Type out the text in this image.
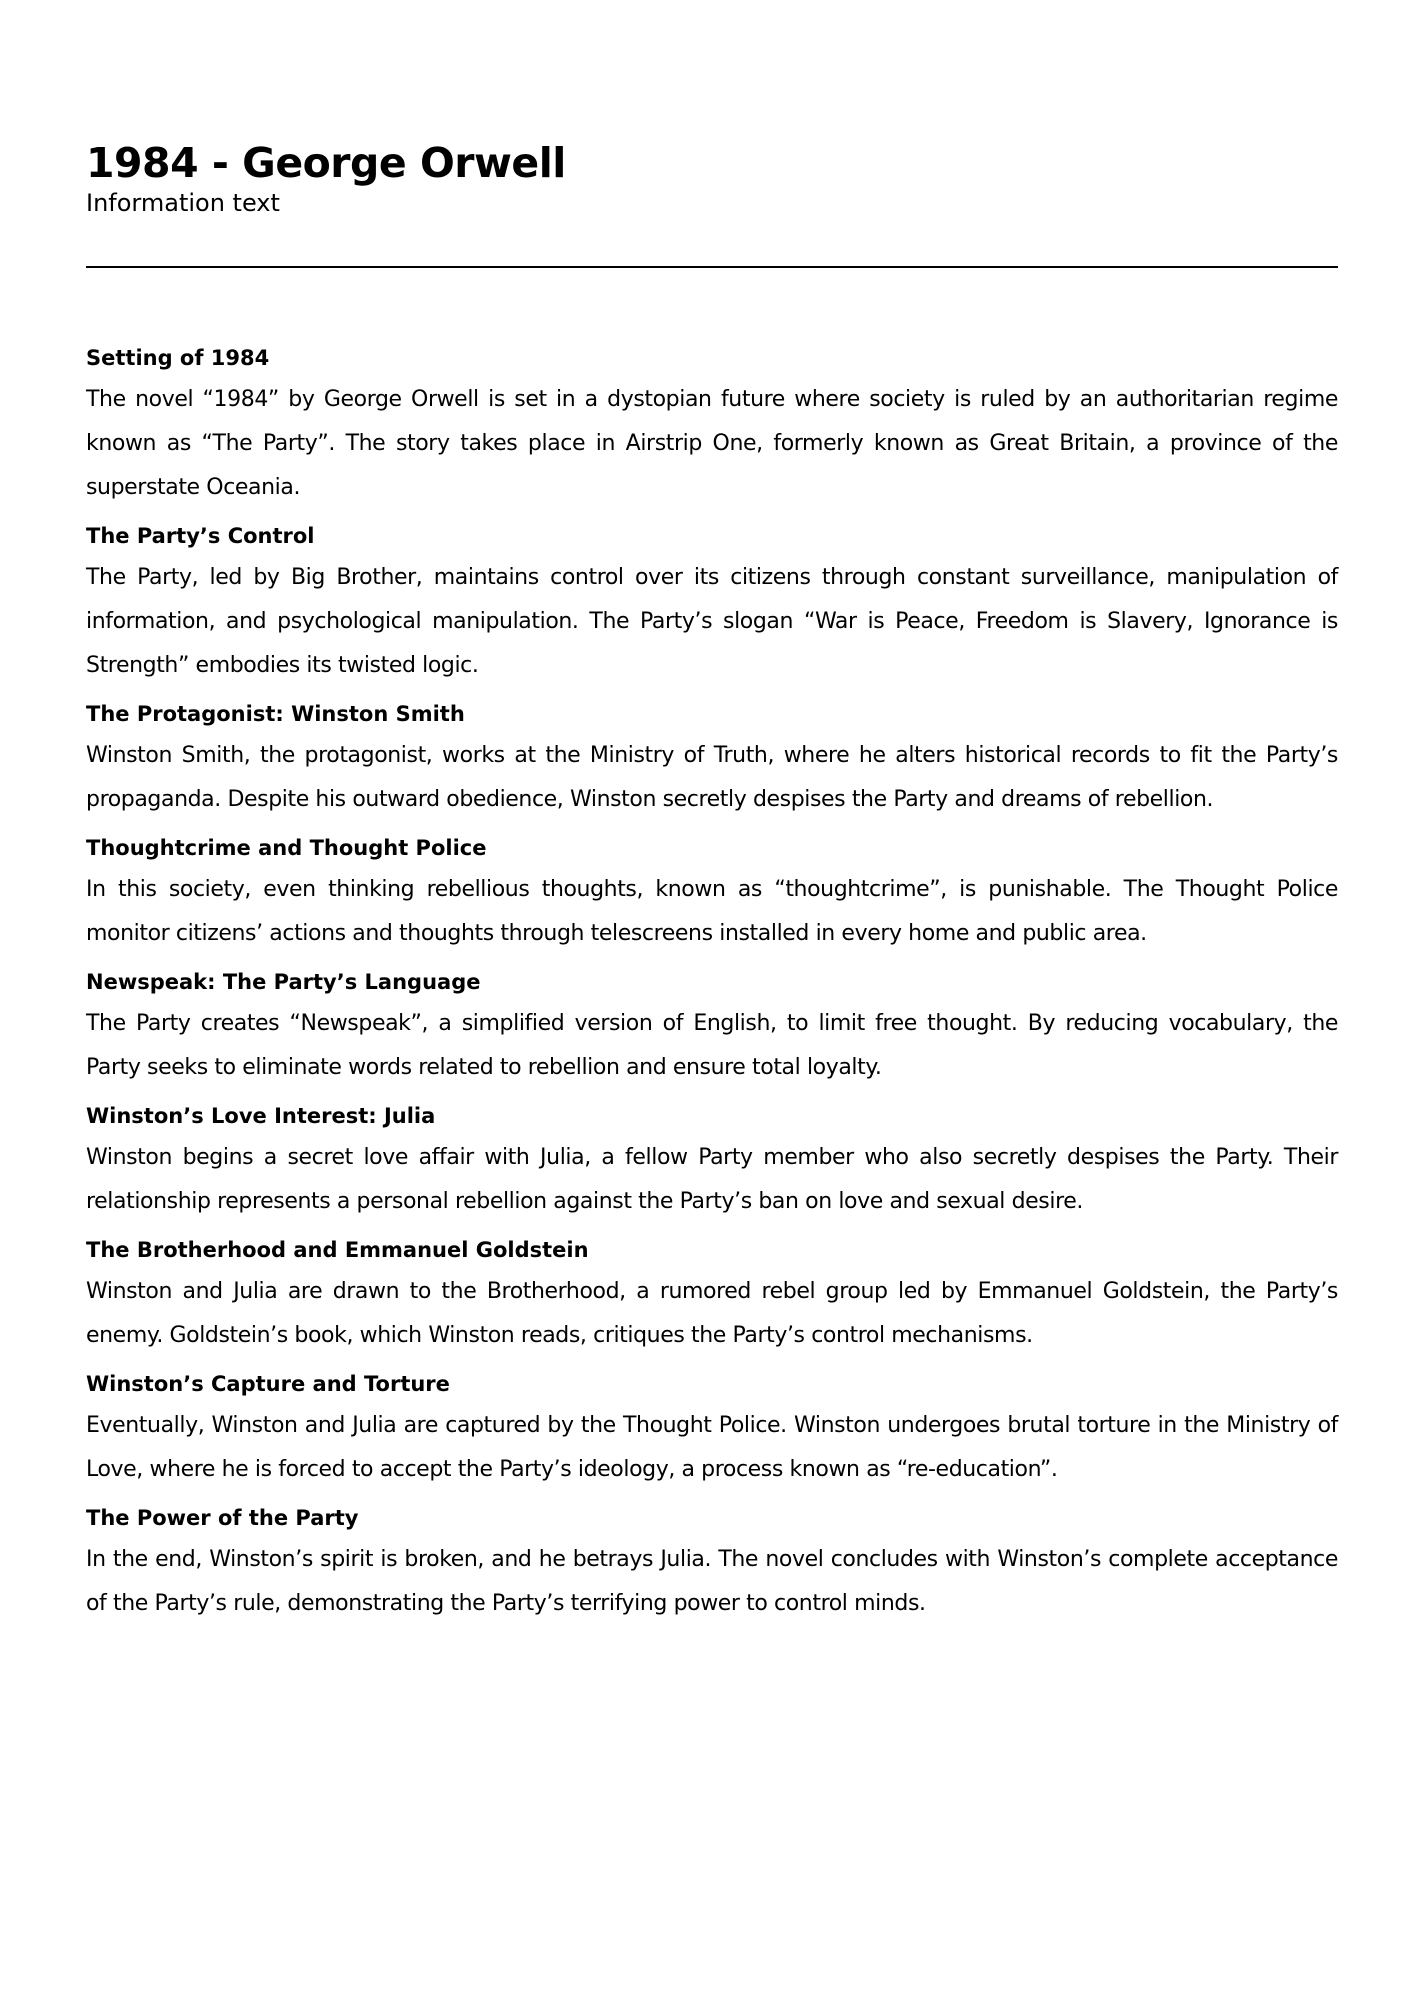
1984 - George Orwell

Information text

Setting of 1984

The novel “1984” by George Orwell is set in a dystopian future where society is ruled by an authoritarian regime known as “The Party”. The story takes place in Airstrip One, formerly known as Great Britain, a province of the superstate Oceania.

The Party’s Control

The Party, led by Big Brother, maintains control over its citizens through constant surveillance, manipulation of information, and psychological manipulation. The Party’s slogan “War is Peace, Freedom is Slavery, Ignorance is Strength” embodies its twisted logic.

The Protagonist: Winston Smith

Winston Smith, the protagonist, works at the Ministry of Truth, where he alters historical records to fit the Party’s propaganda. Despite his outward obedience, Winston secretly despises the Party and dreams of rebellion.

Thoughtcrime and Thought Police

In this society, even thinking rebellious thoughts, known as “thoughtcrime”, is punishable. The Thought Police monitor citizens’ actions and thoughts through telescreens installed in every home and public area.

Newspeak: The Party’s Language

The Party creates “Newspeak”, a simplified version of English, to limit free thought. By reducing vocabulary, the Party seeks to eliminate words related to rebellion and ensure total loyalty.

Winston’s Love Interest: Julia

Winston begins a secret love affair with Julia, a fellow Party member who also secretly despises the Party. Their relationship represents a personal rebellion against the Party’s ban on love and sexual desire.

The Brotherhood and Emmanuel Goldstein

Winston and Julia are drawn to the Brotherhood, a rumored rebel group led by Emmanuel Goldstein, the Party’s enemy. Goldstein’s book, which Winston reads, critiques the Party’s control mechanisms.

Winston’s Capture and Torture

Eventually, Winston and Julia are captured by the Thought Police. Winston undergoes brutal torture in the Ministry of Love, where he is forced to accept the Party’s ideology, a process known as “re-education”.

The Power of the Party

In the end, Winston’s spirit is broken, and he betrays Julia. The novel concludes with Winston’s complete acceptance of the Party’s rule, demonstrating the Party’s terrifying power to control minds.
